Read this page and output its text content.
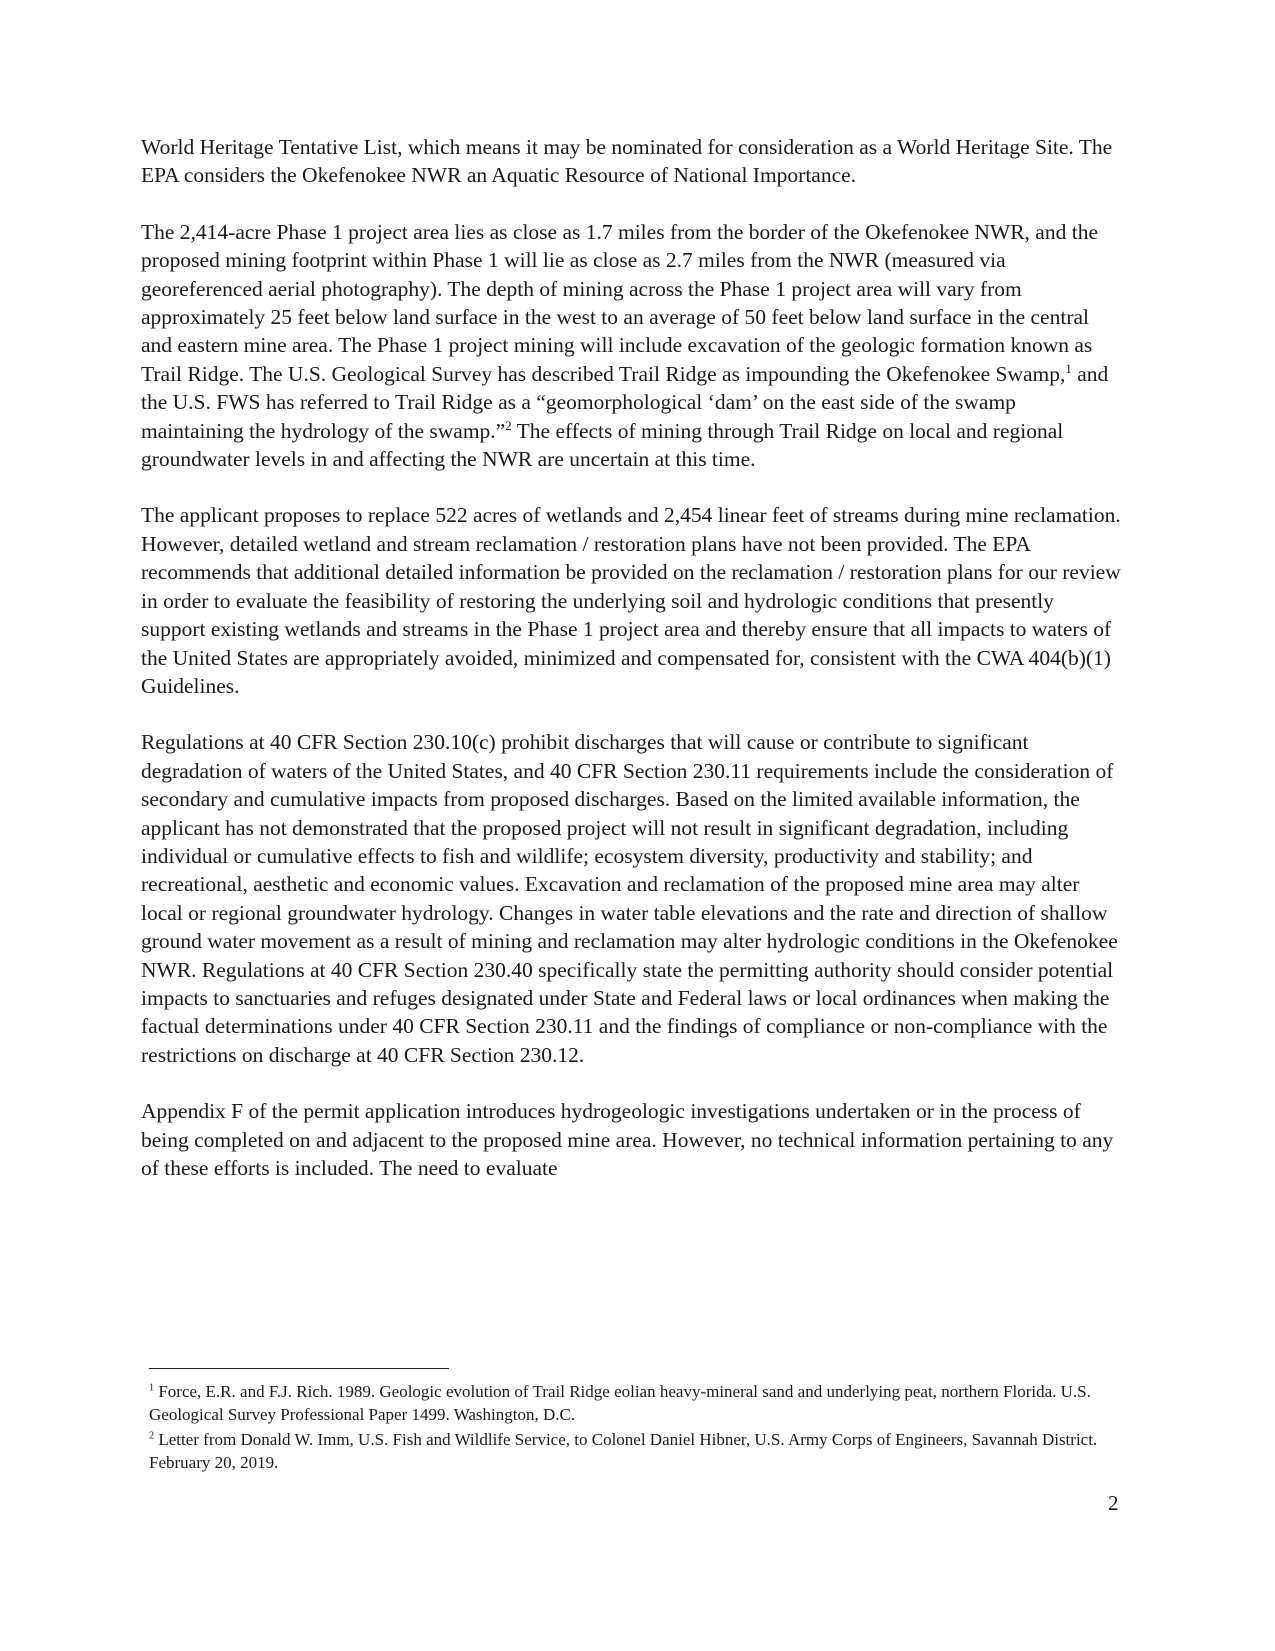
World Heritage Tentative List, which means it may be nominated for consideration as a World Heritage Site. The EPA considers the Okefenokee NWR an Aquatic Resource of National Importance.

The 2,414-acre Phase 1 project area lies as close as 1.7 miles from the border of the Okefenokee NWR, and the proposed mining footprint within Phase 1 will lie as close as 2.7 miles from the NWR (measured via georeferenced aerial photography). The depth of mining across the Phase 1 project area will vary from approximately 25 feet below land surface in the west to an average of 50 feet below land surface in the central and eastern mine area. The Phase 1 project mining will include excavation of the geologic formation known as Trail Ridge. The U.S. Geological Survey has described Trail Ridge as impounding the Okefenokee Swamp,$^1$ and the U.S. FWS has referred to Trail Ridge as a “geomorphological ‘dam’ on the east side of the swamp maintaining the hydrology of the swamp.”$^2$ The effects of mining through Trail Ridge on local and regional groundwater levels in and affecting the NWR are uncertain at this time.

The applicant proposes to replace 522 acres of wetlands and 2,454 linear feet of streams during mine reclamation. However, detailed wetland and stream reclamation / restoration plans have not been provided. The EPA recommends that additional detailed information be provided on the reclamation / restoration plans for our review in order to evaluate the feasibility of restoring the underlying soil and hydrologic conditions that presently support existing wetlands and streams in the Phase 1 project area and thereby ensure that all impacts to waters of the United States are appropriately avoided, minimized and compensated for, consistent with the CWA 404(b)(1) Guidelines.

Regulations at 40 CFR Section 230.10(c) prohibit discharges that will cause or contribute to significant degradation of waters of the United States, and 40 CFR Section 230.11 requirements include the consideration of secondary and cumulative impacts from proposed discharges. Based on the limited available information, the applicant has not demonstrated that the proposed project will not result in significant degradation, including individual or cumulative effects to fish and wildlife; ecosystem diversity, productivity and stability; and recreational, aesthetic and economic values. Excavation and reclamation of the proposed mine area may alter local or regional groundwater hydrology. Changes in water table elevations and the rate and direction of shallow ground water movement as a result of mining and reclamation may alter hydrologic conditions in the Okefenokee NWR. Regulations at 40 CFR Section 230.40 specifically state the permitting authority should consider potential impacts to sanctuaries and refuges designated under State and Federal laws or local ordinances when making the factual determinations under 40 CFR Section 230.11 and the findings of compliance or non-compliance with the restrictions on discharge at 40 CFR Section 230.12.

Appendix F of the permit application introduces hydrogeologic investigations undertaken or in the process of being completed on and adjacent to the proposed mine area. However, no technical information pertaining to any of these efforts is included. The need to evaluate

$^1$ Force, E.R. and F.J. Rich. 1989. Geologic evolution of Trail Ridge eolian heavy-mineral sand and underlying peat, northern Florida. U.S. Geological Survey Professional Paper 1499. Washington, D.C.

$^2$ Letter from Donald W. Imm, U.S. Fish and Wildlife Service, to Colonel Daniel Hibner, U.S. Army Corps of Engineers, Savannah District. February 20, 2019.

2
